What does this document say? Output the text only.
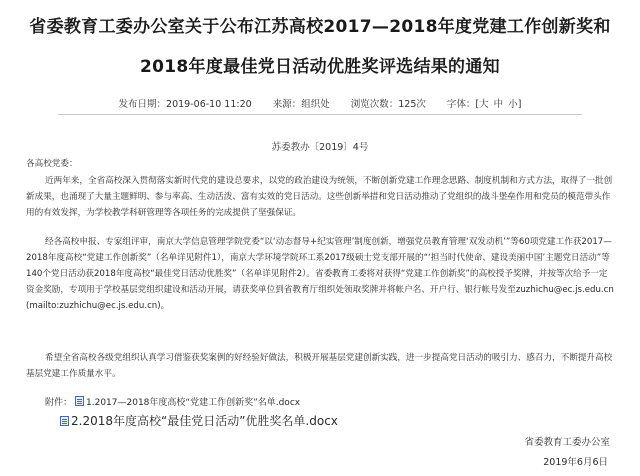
省委教育工委办公室关于公布江苏高校2017—2018年度党建工作创新奖和
2018年度最佳党日活动优胜奖评选结果的通知
发布日期：2019-06-10 11:20 来源：组织处 浏览次数：125次 字体：[大 中 小]
苏委教办〔2019〕4号
各高校党委：
近两年来，全省高校深入贯彻落实新时代党的建设总要求，以党的政治建设为统领，不断创新党建工作理念思路、制度机制和方式方法，取得了一批创新成果，也涌现了大量主题鲜明、参与率高、生动活泼、富有实效的党日活动。这些创新举措和党日活动推动了党组织的战斗堡垒作用和党员的模范带头作用的有效发挥，为学校教学科研管理等各项任务的完成提供了坚强保证。
经各高校申报、专家组评审，南京大学信息管理学院党委“以‘动态督导+纪实管理’制度创新，增强党员教育管理‘双发动机’”等60项党建工作获2017—2018年度高校“党建工作创新奖”（名单详见附件1），南京大学环境学院环工系2017级硕士党支部开展的“‘担当时代使命、建设美丽中国’主题党日活动”等140个党日活动获2018年度高校“最佳党日活动优胜奖”（名单详见附件2）。省委教育工委将对获得“党建工作创新奖”的高校授予奖牌，并按等次给予一定资金奖励，专项用于学校基层党组织建设和活动开展，请获奖单位到省教育厅组织处领取奖牌并将帐户名、开户行、银行帐号发至zuzhichu@ec.js.edu.cn (mailto:zuzhichu@ec.js.edu.cn)。
希望全省高校各级党组织认真学习借鉴获奖案例的好经验好做法，积极开展基层党建创新实践，进一步提高党日活动的吸引力、感召力，不断提升高校基层党建工作质量水平。
附件： 1.2017—2018年度高校“党建工作创新奖”名单.docx
2.2018年度高校“最佳党日活动”优胜奖名单.docx
省委教育工委办公室
2019年6月6日
